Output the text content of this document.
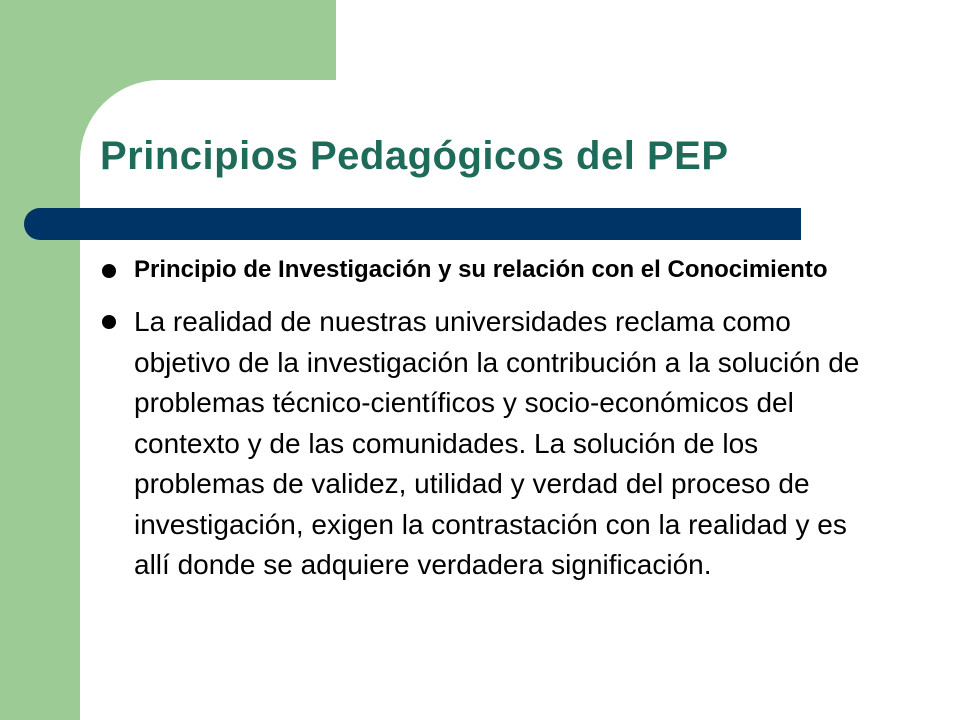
Principios Pedagógicos del PEP
Principio de Investigación y su relación con el Conocimiento
La realidad de nuestras universidades reclama como objetivo de la investigación la contribución a la solución de problemas técnico-científicos y socio-económicos del contexto y de las comunidades. La solución de los problemas de validez, utilidad y verdad del proceso de investigación, exigen la contrastación con la realidad y es allí donde se adquiere verdadera significación.
